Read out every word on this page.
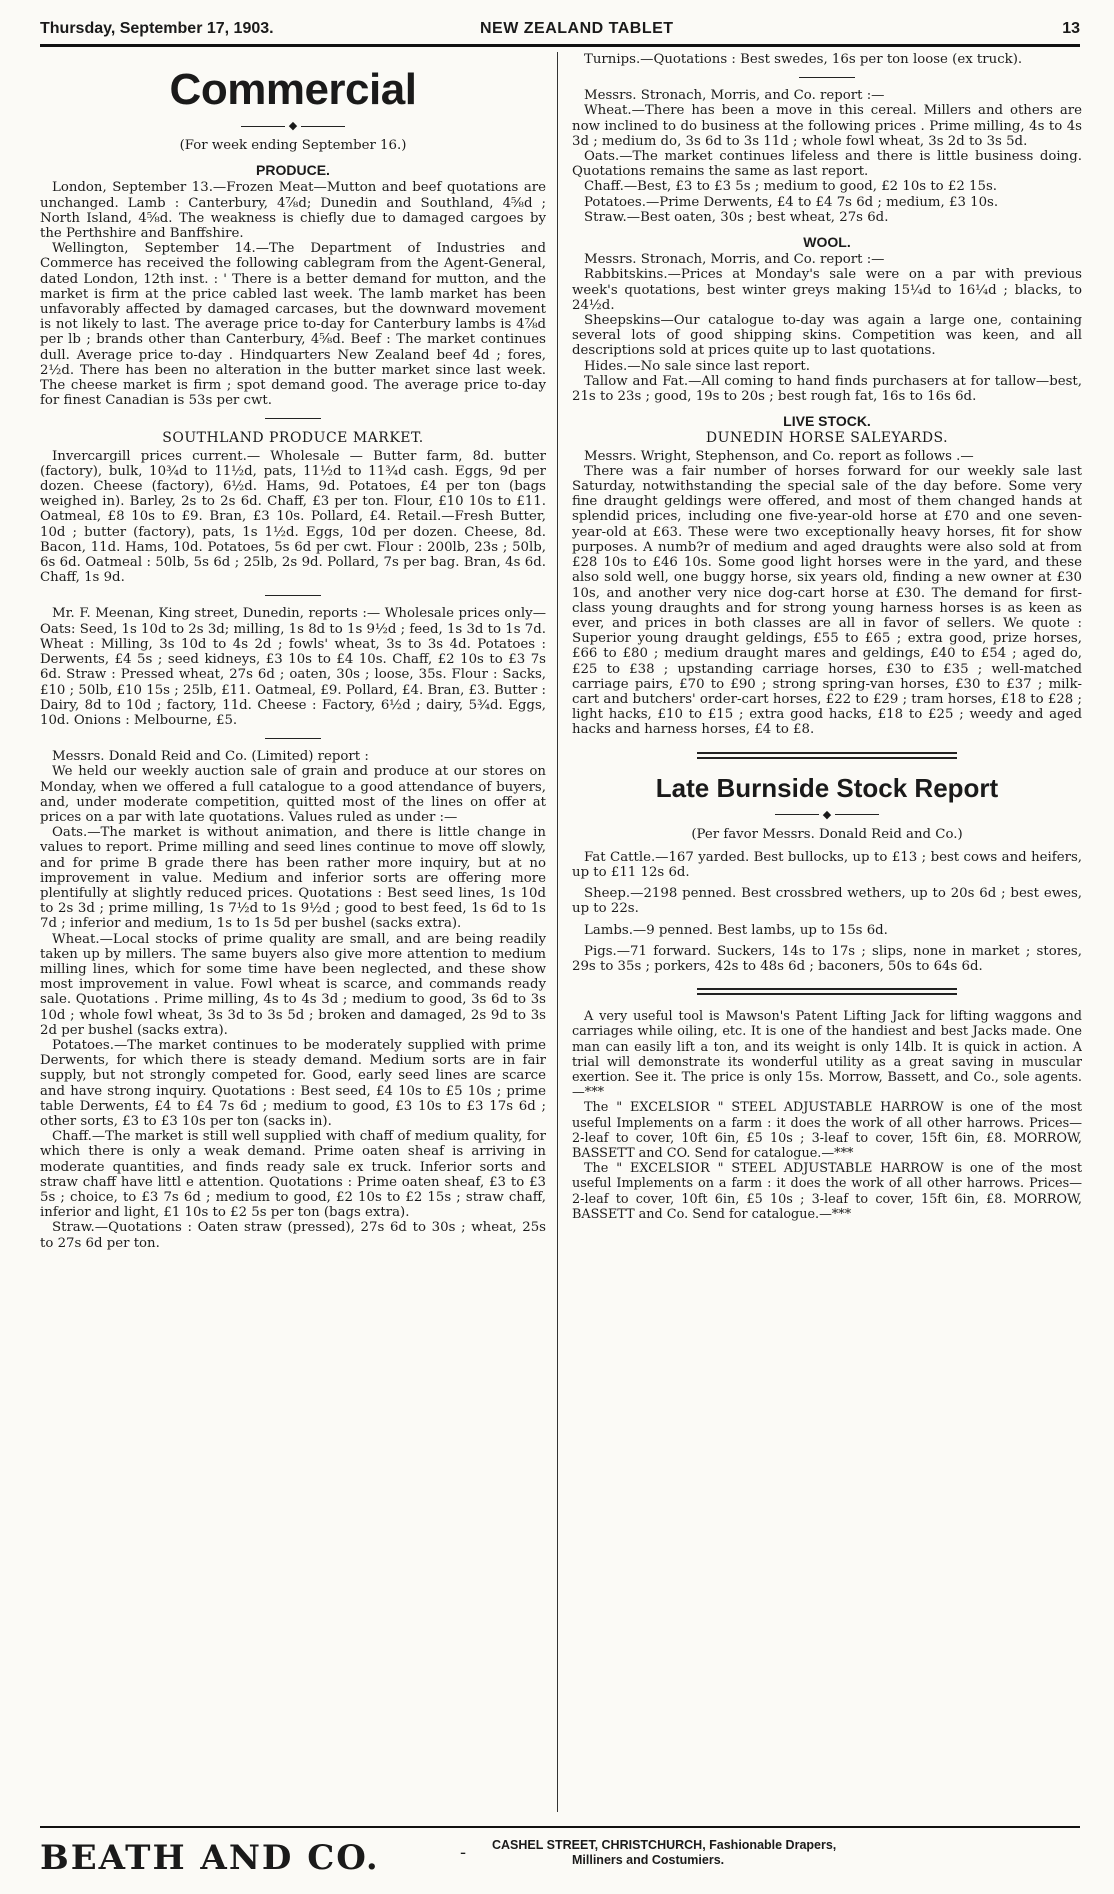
Thursday, September 17, 1903.	NEW ZEALAND TABLET	13
Commercial
◆

(For week ending September 16.)

PRODUCE.

London, September 13.—Frozen Meat—Mutton and beef quotations are unchanged. Lamb : Canterbury, 4⅞d; Dunedin and Southland, 4⅝d ; North Island, 4⅝d. The weakness is chiefly due to damaged cargoes by the Perthshire and Banffshire.

Wellington, September 14.—The Department of Industries and Commerce has received the following cablegram from the Agent-General, dated London, 12th inst. : ' There is a better demand for mutton, and the market is firm at the price cabled last week. The lamb market has been unfavorably affected by damaged carcases, but the downward movement is not likely to last. The average price to-day for Canterbury lambs is 4⅞d per lb ; brands other than Canterbury, 4⅝d. Beef : The market continues dull. Average price to-day . Hindquarters New Zealand beef 4d ; fores, 2½d. There has been no alteration in the butter market since last week. The cheese market is firm ; spot demand good. The average price to-day for finest Canadian is 53s per cwt.

SOUTHLAND PRODUCE MARKET.

Invercargill prices current.— Wholesale — Butter farm, 8d. butter (factory), bulk, 10¾d to 11½d, pats, 11½d to 11¾d cash. Eggs, 9d per dozen. Cheese (factory), 6½d. Hams, 9d. Potatoes, £4 per ton (bags weighed in). Barley, 2s to 2s 6d. Chaff, £3 per ton. Flour, £10 10s to £11. Oatmeal, £8 10s to £9. Bran, £3 10s. Pollard, £4. Retail.—Fresh Butter, 10d ; butter (factory), pats, 1s 1½d. Eggs, 10d per dozen. Cheese, 8d. Bacon, 11d. Hams, 10d. Potatoes, 5s 6d per cwt. Flour : 200lb, 23s ; 50lb, 6s 6d. Oatmeal : 50lb, 5s 6d ; 25lb, 2s 9d. Pollard, 7s per bag. Bran, 4s 6d. Chaff, 1s 9d.

Mr. F. Meenan, King street, Dunedin, reports :— Wholesale prices only—Oats: Seed, 1s 10d to 2s 3d; milling, 1s 8d to 1s 9½d ; feed, 1s 3d to 1s 7d. Wheat : Milling, 3s 10d to 4s 2d ; fowls' wheat, 3s to 3s 4d. Potatoes : Derwents, £4 5s ; seed kidneys, £3 10s to £4 10s. Chaff, £2 10s to £3 7s 6d. Straw : Pressed wheat, 27s 6d ; oaten, 30s ; loose, 35s. Flour : Sacks, £10 ; 50lb, £10 15s ; 25lb, £11. Oatmeal, £9. Pollard, £4. Bran, £3. Butter : Dairy, 8d to 10d ; factory, 11d. Cheese : Factory, 6½d ; dairy, 5¾d. Eggs, 10d. Onions : Melbourne, £5.

Messrs. Donald Reid and Co. (Limited) report :

We held our weekly auction sale of grain and produce at our stores on Monday, when we offered a full catalogue to a good attendance of buyers, and, under moderate competition, quitted most of the lines on offer at prices on a par with late quotations. Values ruled as under :—

Oats.—The market is without animation, and there is little change in values to report. Prime milling and seed lines continue to move off slowly, and for prime B grade there has been rather more inquiry, but at no improvement in value. Medium and inferior sorts are offering more plentifully at slightly reduced prices. Quotations : Best seed lines, 1s 10d to 2s 3d ; prime milling, 1s 7½d to 1s 9½d ; good to best feed, 1s 6d to 1s 7d ; inferior and medium, 1s to 1s 5d per bushel (sacks extra).

Wheat.—Local stocks of prime quality are small, and are being readily taken up by millers. The same buyers also give more attention to medium milling lines, which for some time have been neglected, and these show most improvement in value. Fowl wheat is scarce, and commands ready sale. Quotations . Prime milling, 4s to 4s 3d ; medium to good, 3s 6d to 3s 10d ; whole fowl wheat, 3s 3d to 3s 5d ; broken and damaged, 2s 9d to 3s 2d per bushel (sacks extra).

Potatoes.—The market continues to be moderately supplied with prime Derwents, for which there is steady demand. Medium sorts are in fair supply, but not strongly competed for. Good, early seed lines are scarce and have strong inquiry. Quotations : Best seed, £4 10s to £5 10s ; prime table Derwents, £4 to £4 7s 6d ; medium to good, £3 10s to £3 17s 6d ; other sorts, £3 to £3 10s per ton (sacks in).

Chaff.—The market is still well supplied with chaff of medium quality, for which there is only a weak demand. Prime oaten sheaf is arriving in moderate quantities, and finds ready sale ex truck. Inferior sorts and straw chaff have littl e attention. Quotations : Prime oaten sheaf, £3 to £3 5s ; choice, to £3 7s 6d ; medium to good, £2 10s to £2 15s ; straw chaff, inferior and light, £1 10s to £2 5s per ton (bags extra).

Straw.—Quotations : Oaten straw (pressed), 27s 6d to 30s ; wheat, 25s to 27s 6d per ton.

Turnips.—Quotations : Best swedes, 16s per ton loose (ex truck).

Messrs. Stronach, Morris, and Co. report :—

Wheat.—There has been a move in this cereal. Millers and others are now inclined to do business at the following prices . Prime milling, 4s to 4s 3d ; medium do, 3s 6d to 3s 11d ; whole fowl wheat, 3s 2d to 3s 5d.

Oats.—The market continues lifeless and there is little business doing. Quotations remains the same as last report.

Chaff.—Best, £3 to £3 5s ; medium to good, £2 10s to £2 15s.

Potatoes.—Prime Derwents, £4 to £4 7s 6d ; medium, £3 10s.

Straw.—Best oaten, 30s ; best wheat, 27s 6d.

WOOL.

Messrs. Stronach, Morris, and Co. report :—

Rabbitskins.—Prices at Monday's sale were on a par with previous week's quotations, best winter greys making 15¼d to 16¼d ; blacks, to 24½d.

Sheepskins—Our catalogue to-day was again a large one, containing several lots of good shipping skins. Competition was keen, and all descriptions sold at prices quite up to last quotations.

Hides.—No sale since last report.

Tallow and Fat.—All coming to hand finds purchasers at for tallow—best, 21s to 23s ; good, 19s to 20s ; best rough fat, 16s to 16s 6d.

LIVE STOCK.
DUNEDIN HORSE SALEYARDS.

Messrs. Wright, Stephenson, and Co. report as follows .—

There was a fair number of horses forward for our weekly sale last Saturday, notwithstanding the special sale of the day before. Some very fine draught geldings were offered, and most of them changed hands at splendid prices, including one five-year-old horse at £70 and one seven-year-old at £63. These were two exceptionally heavy horses, fit for show purposes. A numb?r of medium and aged draughts were also sold at from £28 10s to £46 10s. Some good light horses were in the yard, and these also sold well, one buggy horse, six years old, finding a new owner at £30 10s, and another very nice dog-cart horse at £30. The demand for first-class young draughts and for strong young harness horses is as keen as ever, and prices in both classes are all in favor of sellers. We quote : Superior young draught geldings, £55 to £65 ; extra good, prize horses, £66 to £80 ; medium draught mares and geldings, £40 to £54 ; aged do, £25 to £38 ; upstanding carriage horses, £30 to £35 ; well-matched carriage pairs, £70 to £90 ; strong spring-van horses, £30 to £37 ; milk-cart and butchers' order-cart horses, £22 to £29 ; tram horses, £18 to £28 ; light hacks, £10 to £15 ; extra good hacks, £18 to £25 ; weedy and aged hacks and harness horses, £4 to £8.

Late Burnside Stock Report
◆

(Per favor Messrs. Donald Reid and Co.)

Fat Cattle.—167 yarded. Best bullocks, up to £13 ; best cows and heifers, up to £11 12s 6d.

Sheep.—2198 penned. Best crossbred wethers, up to 20s 6d ; best ewes, up to 22s.

Lambs.—9 penned. Best lambs, up to 15s 6d.

Pigs.—71 forward. Suckers, 14s to 17s ; slips, none in market ; stores, 29s to 35s ; porkers, 42s to 48s 6d ; baconers, 50s to 64s 6d.

A very useful tool is Mawson's Patent Lifting Jack for lifting waggons and carriages while oiling, etc. It is one of the handiest and best Jacks made. One man can easily lift a ton, and its weight is only 14lb. It is quick in action. A trial will demonstrate its wonderful utility as a great saving in muscular exertion. See it. The price is only 15s. Morrow, Bassett, and Co., sole agents.—***

The " EXCELSIOR " STEEL ADJUSTABLE HARROW is one of the most useful Implements on a farm : it does the work of all other harrows. Prices—2-leaf to cover, 10ft 6in, £5 10s ; 3-leaf to cover, 15ft 6in, £8. MORROW, BASSETT and CO. Send for catalogue.—***

The " EXCELSIOR " STEEL ADJUSTABLE HARROW is one of the most useful Implements on a farm : it does the work of all other harrows. Prices—2-leaf to cover, 10ft 6in, £5 10s ; 3-leaf to cover, 15ft 6in, £8. MORROW, BASSETT and Co. Send for catalogue.—***

BEATH AND CO.	- CASHEL STREET, CHRISTCHURCH, Fashionable Drapers,
Milliners and Costumiers.
